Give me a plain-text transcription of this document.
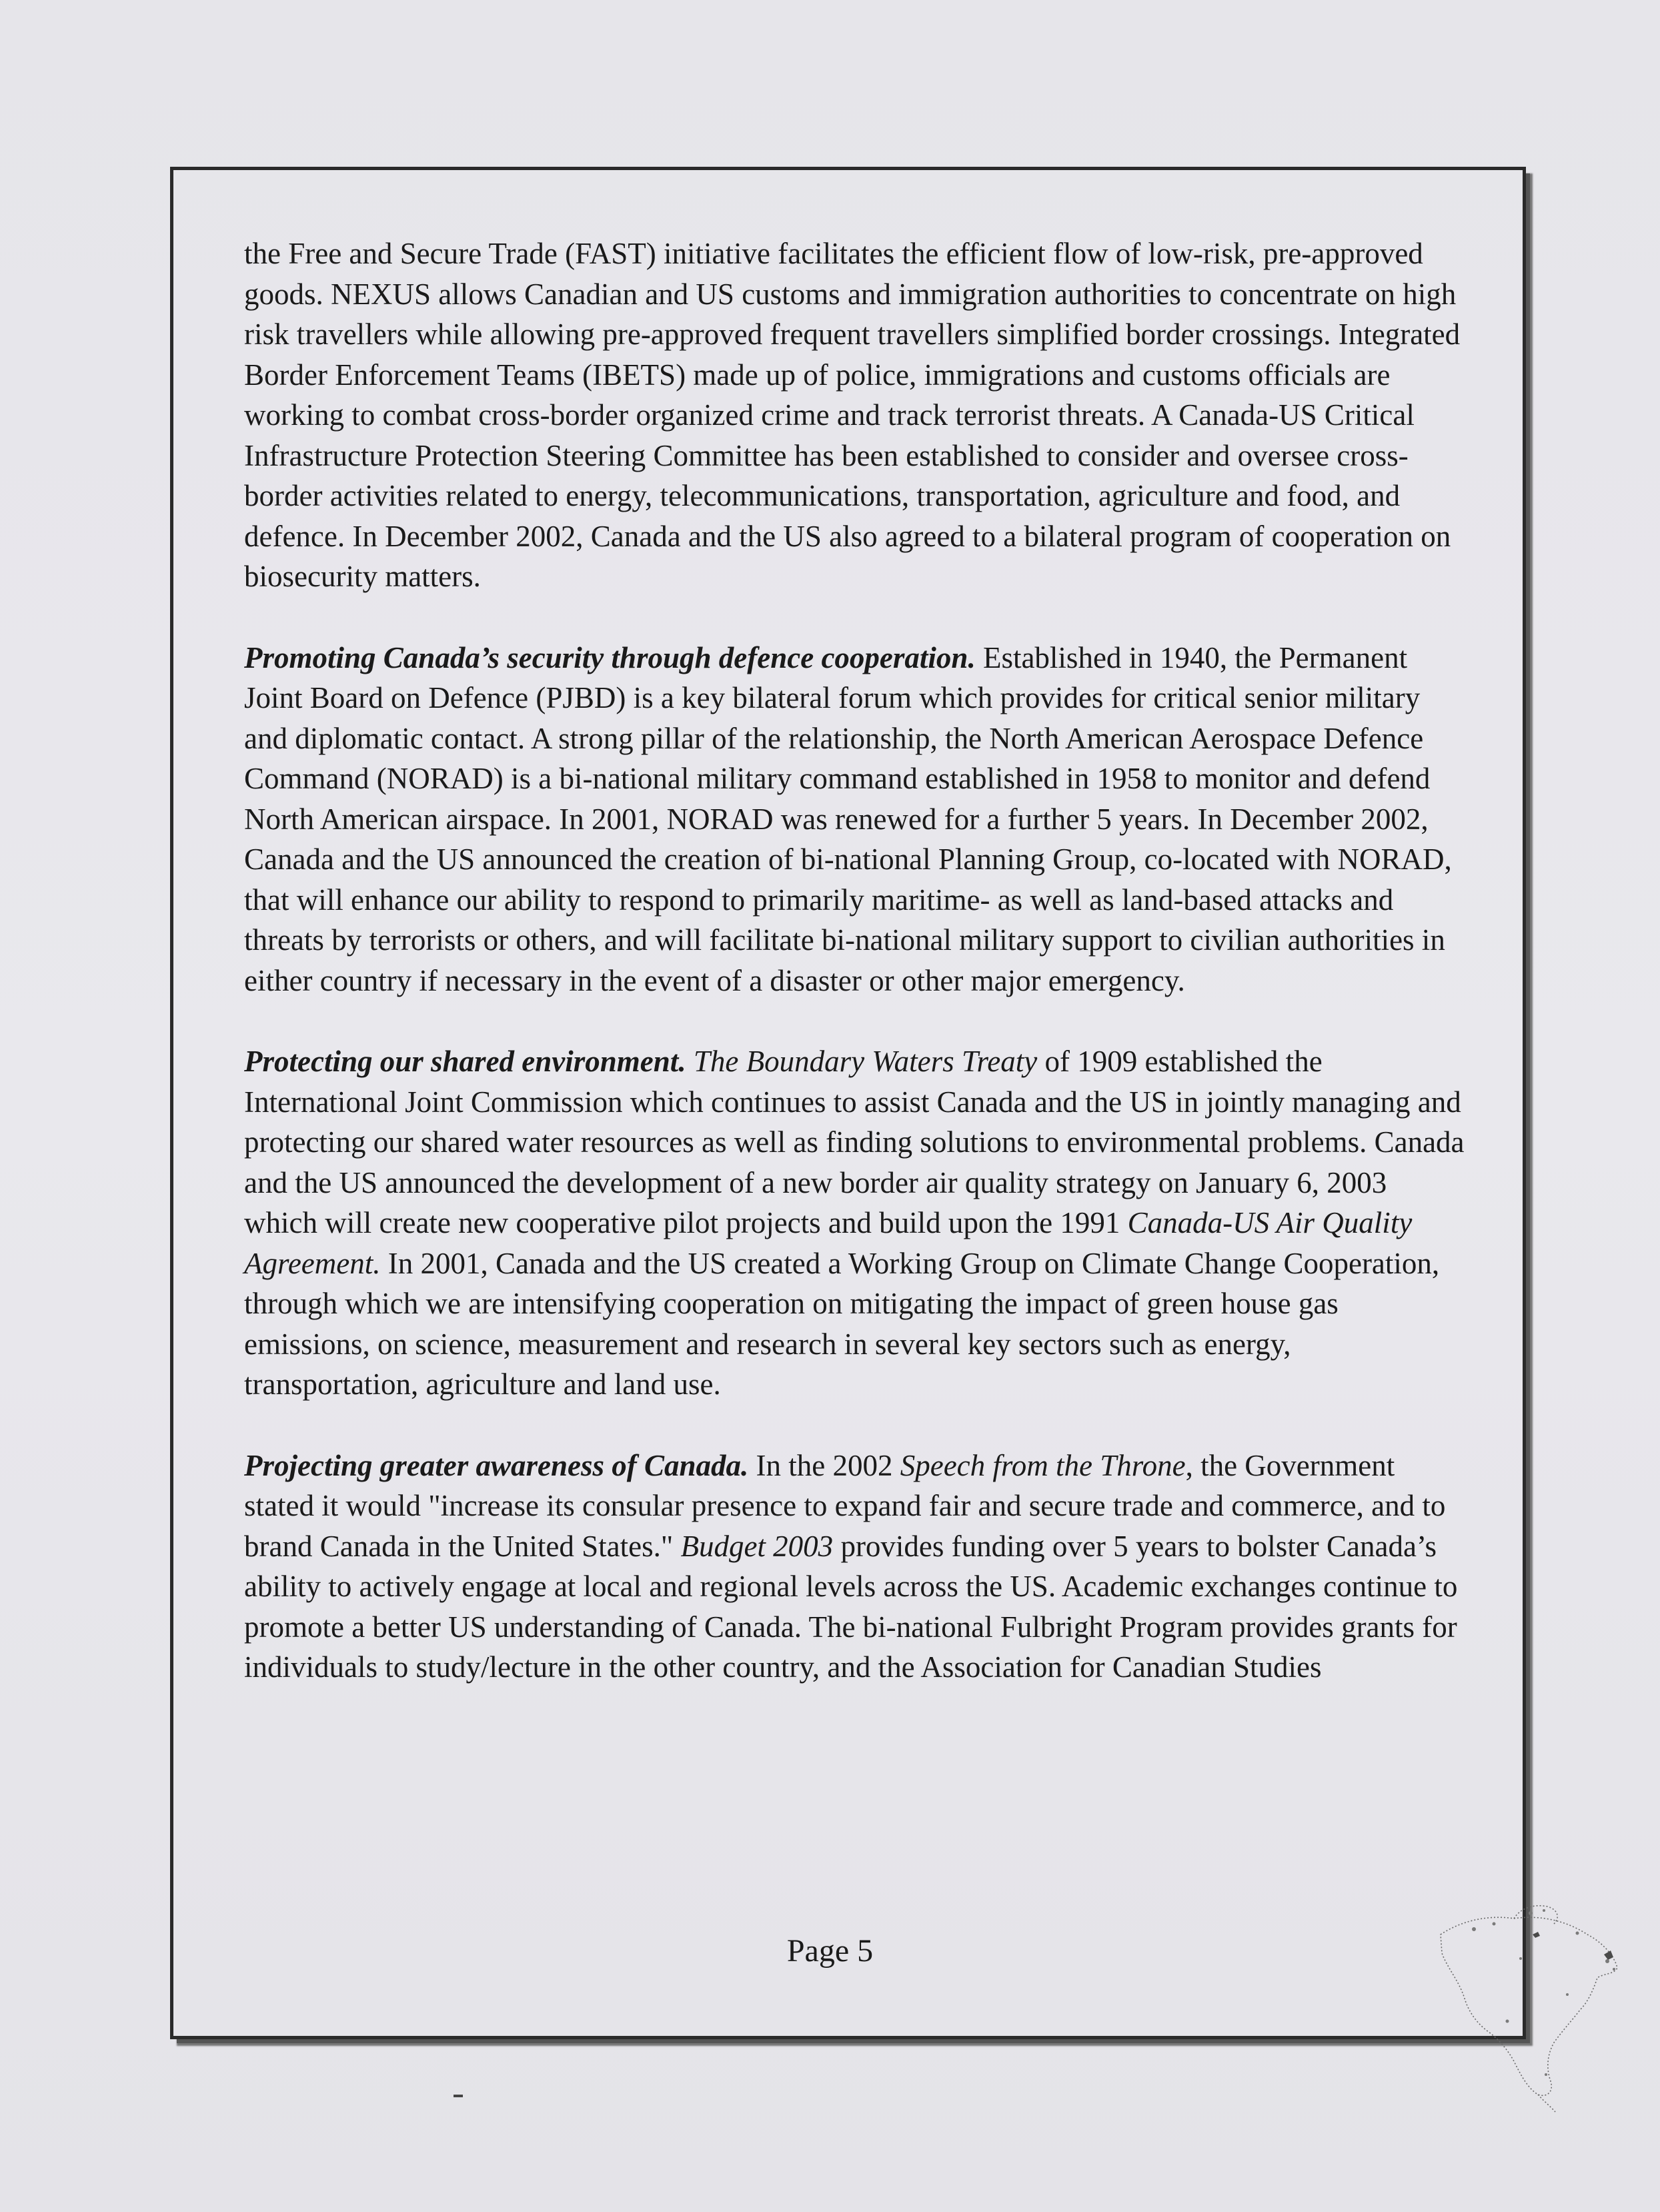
the Free and Secure Trade (FAST) initiative facilitates the efficient flow of low-risk, pre-approved goods. NEXUS allows Canadian and US customs and immigration authorities to concentrate on high risk travellers while allowing pre-approved frequent travellers simplified border crossings. Integrated Border Enforcement Teams (IBETS) made up of police, immigrations and customs officials are working to combat cross-border organized crime and track terrorist threats. A Canada-US Critical Infrastructure Protection Steering Committee has been established to consider and oversee cross-border activities related to energy, telecommunications, transportation, agriculture and food, and defence. In December 2002, Canada and the US also agreed to a bilateral program of cooperation on biosecurity matters.

Promoting Canada’s security through defence cooperation. Established in 1940, the Permanent Joint Board on Defence (PJBD) is a key bilateral forum which provides for critical senior military and diplomatic contact. A strong pillar of the relationship, the North American Aerospace Defence Command (NORAD) is a bi-national military command established in 1958 to monitor and defend North American airspace. In 2001, NORAD was renewed for a further 5 years. In December 2002, Canada and the US announced the creation of bi-national Planning Group, co-located with NORAD, that will enhance our ability to respond to primarily maritime- as well as land-based attacks and threats by terrorists or others, and will facilitate bi-national military support to civilian authorities in either country if necessary in the event of a disaster or other major emergency.

Protecting our shared environment. The Boundary Waters Treaty of 1909 established the International Joint Commission which continues to assist Canada and the US in jointly managing and protecting our shared water resources as well as finding solutions to environmental problems. Canada and the US announced the development of a new border air quality strategy on January 6, 2003 which will create new cooperative pilot projects and build upon the 1991 Canada-US Air Quality Agreement. In 2001, Canada and the US created a Working Group on Climate Change Cooperation, through which we are intensifying cooperation on mitigating the impact of green house gas emissions, on science, measurement and research in several key sectors such as energy, transportation, agriculture and land use.

Projecting greater awareness of Canada. In the 2002 Speech from the Throne, the Government stated it would "increase its consular presence to expand fair and secure trade and commerce, and to brand Canada in the United States." Budget 2003 provides funding over 5 years to bolster Canada’s ability to actively engage at local and regional levels across the US. Academic exchanges continue to promote a better US understanding of Canada. The bi-national Fulbright Program provides grants for individuals to study/lecture in the other country, and the Association for Canadian Studies

Page 5
